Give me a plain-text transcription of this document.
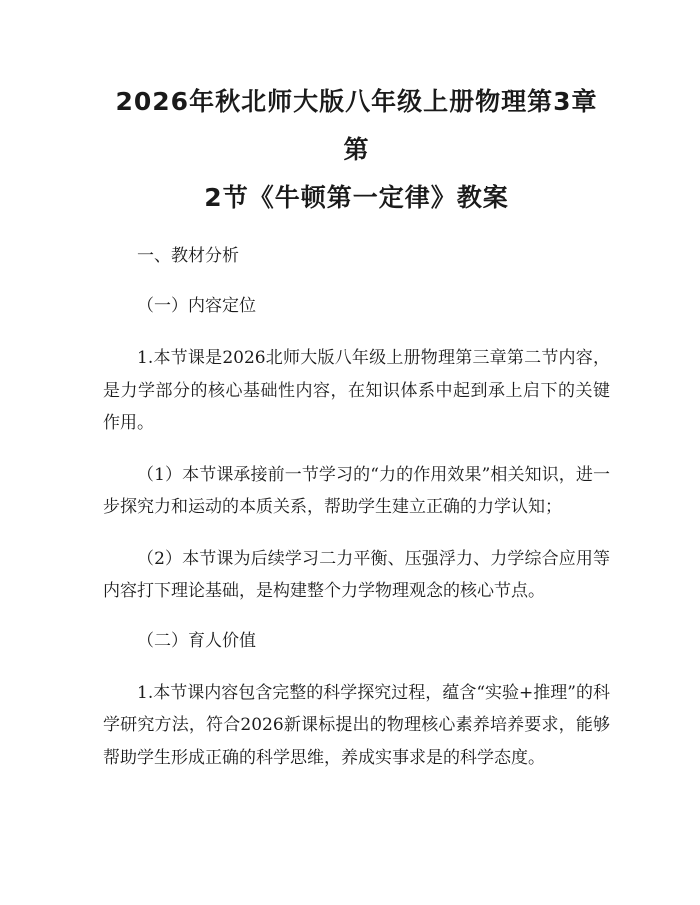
2026年秋北师大版八年级上册物理第3章第
2节《牛顿第一定律》教案
一、教材分析
（一）内容定位

1.本节课是2026北师大版八年级上册物理第三章第二节内容，是力学部分的核心基础性内容，在知识体系中起到承上启下的关键作用。

（1）本节课承接前一节学习的“力的作用效果”相关知识，进一步探究力和运动的本质关系，帮助学生建立正确的力学认知；

（2）本节课为后续学习二力平衡、压强浮力、力学综合应用等内容打下理论基础，是构建整个力学物理观念的核心节点。

（二）育人价值

1.本节课内容包含完整的科学探究过程，蕴含“实验+推理”的科学研究方法，符合2026新课标提出的物理核心素养培养要求，能够帮助学生形成正确的科学思维，养成实事求是的科学态度。
